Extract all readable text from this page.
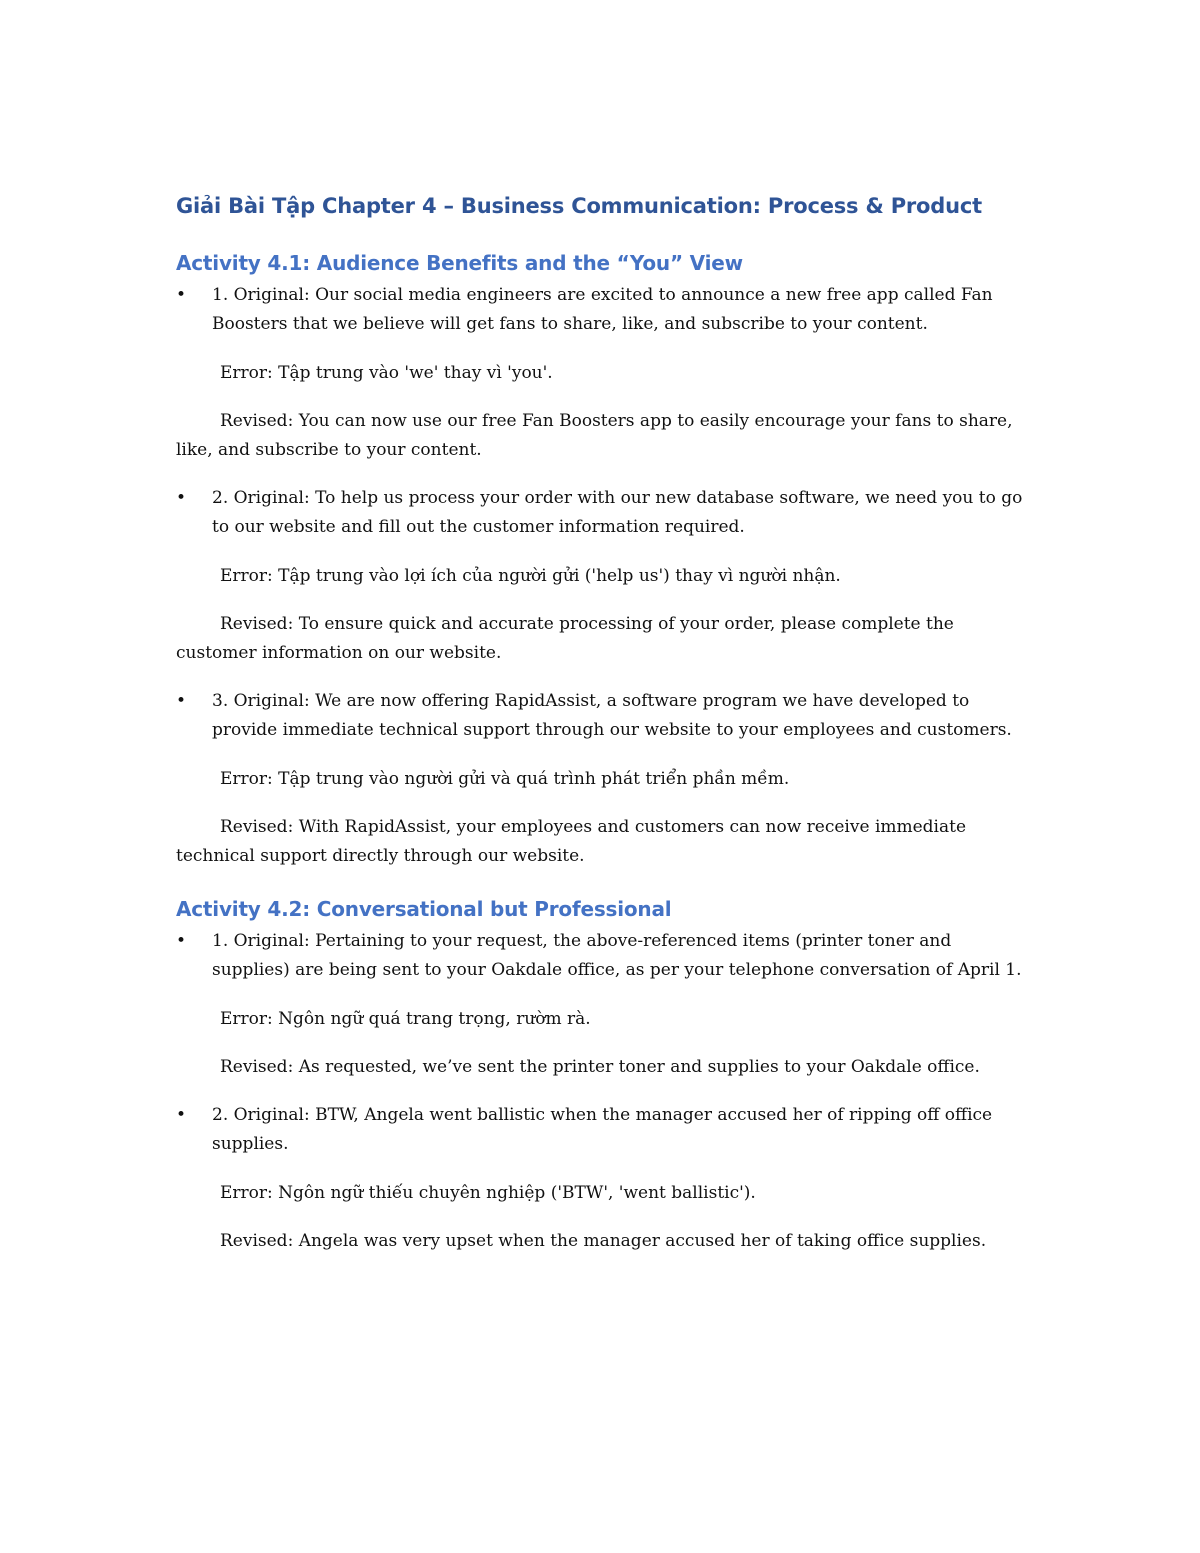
Giải Bài Tập Chapter 4 – Business Communication: Process & Product
Activity 4.1: Audience Benefits and the “You” View
• 1. Original: Our social media engineers are excited to announce a new free app called Fan Boosters that we believe will get fans to share, like, and subscribe to your content.

Error: Tập trung vào 'we' thay vì 'you'.

Revised: You can now use our free Fan Boosters app to easily encourage your fans to share, like, and subscribe to your content.

• 2. Original: To help us process your order with our new database software, we need you to go to our website and fill out the customer information required.

Error: Tập trung vào lợi ích của người gửi ('help us') thay vì người nhận.

Revised: To ensure quick and accurate processing of your order, please complete the customer information on our website.

• 3. Original: We are now offering RapidAssist, a software program we have developed to provide immediate technical support through our website to your employees and customers.

Error: Tập trung vào người gửi và quá trình phát triển phần mềm.

Revised: With RapidAssist, your employees and customers can now receive immediate technical support directly through our website.

Activity 4.2: Conversational but Professional
• 1. Original: Pertaining to your request, the above-referenced items (printer toner and supplies) are being sent to your Oakdale office, as per your telephone conversation of April 1.

Error: Ngôn ngữ quá trang trọng, rườm rà.

Revised: As requested, we’ve sent the printer toner and supplies to your Oakdale office.

• 2. Original: BTW, Angela went ballistic when the manager accused her of ripping off office supplies.

Error: Ngôn ngữ thiếu chuyên nghiệp ('BTW', 'went ballistic').

Revised: Angela was very upset when the manager accused her of taking office supplies.
